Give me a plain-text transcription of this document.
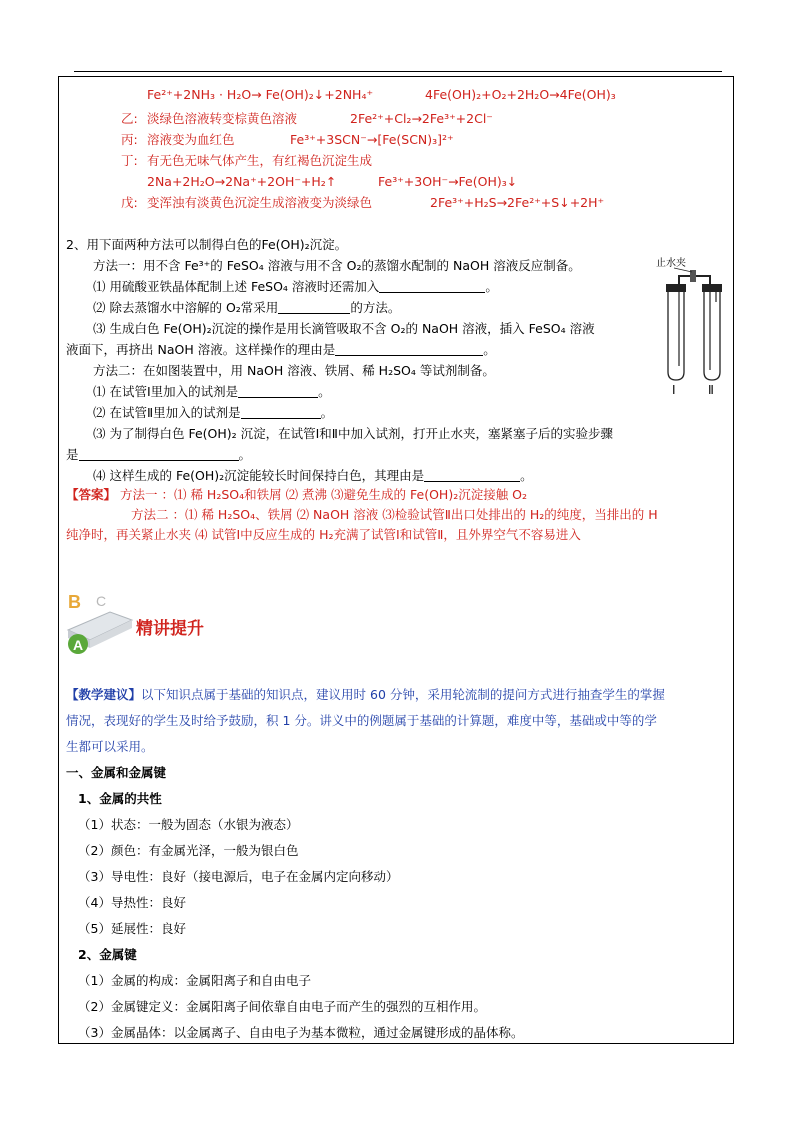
Fe²⁺+2NH₃ · H₂O→ Fe(OH)₂↓+2NH₄⁺	4Fe(OH)₂+O₂+2H₂O→4Fe(OH)₃
乙: 淡绿色溶液转变棕黄色溶液	2Fe²⁺+Cl₂→2Fe³⁺+2Cl⁻
丙: 溶液变为血红色	Fe³⁺+3SCN⁻→[Fe(SCN)₃]²⁺
丁: 有无色无味气体产生，有红褐色沉淀生成
2Na+2H₂O→2Na⁺+2OH⁻+H₂↑	Fe³⁺+3OH⁻→Fe(OH)₃↓
戊: 变浑浊有淡黄色沉淀生成溶液变为淡绿色	2Fe³⁺+H₂S→2Fe²⁺+S↓+2H⁺
2、用下面两种方法可以制得白色的Fe(OH)₂沉淀。
方法一：用不含 Fe³⁺的 FeSO₄ 溶液与用不含 O₂的蒸馏水配制的 NaOH 溶液反应制备。
⑴ 用硫酸亚铁晶体配制上述 FeSO₄ 溶液时还需加入	。
⑵ 除去蒸馏水中溶解的 O₂常采用	的方法。
⑶ 生成白色 Fe(OH)₂沉淀的操作是用长滴管吸取不含 O₂的 NaOH 溶液，插入 FeSO₄ 溶液
液面下，再挤出 NaOH 溶液。这样操作的理由是	。
方法二：在如图装置中，用 NaOH 溶液、铁屑、稀 H₂SO₄ 等试剂制备。
⑴ 在试管Ⅰ里加入的试剂是	。
⑵ 在试管Ⅱ里加入的试剂是	。
⑶ 为了制得白色 Fe(OH)₂ 沉淀，在试管Ⅰ和Ⅱ中加入试剂，打开止水夹，塞紧塞子后的实验步骤
是	。
⑷ 这样生成的 Fe(OH)₂沉淀能较长时间保持白色，其理由是	。
止水夹
Ⅰ	Ⅱ
【答案】 方法一 ：⑴ 稀 H₂SO₄和铁屑 ⑵ 煮沸 ⑶避免生成的 Fe(OH)₂沉淀接触 O₂
方法二 ：⑴ 稀 H₂SO₄、铁屑 ⑵ NaOH 溶液 ⑶检验试管Ⅱ出口处排出的 H₂的纯度，当排出的 H
纯净时，再关紧止水夹 ⑷ 试管Ⅰ中反应生成的 H₂充满了试管Ⅰ和试管Ⅱ，且外界空气不容易进入
B C
A
精讲提升
【教学建议】以下知识点属于基础的知识点，建议用时 60 分钟，采用轮流制的提问方式进行抽查学生的掌握
情况，表现好的学生及时给予鼓励，积 1 分。讲义中的例题属于基础的计算题，难度中等，基础或中等的学
生都可以采用。
一、金属和金属键
1、金属的共性
（1）状态：一般为固态（水银为液态）
（2）颜色：有金属光泽，一般为银白色
（3）导电性：良好（接电源后，电子在金属内定向移动）
（4）导热性：良好
（5）延展性：良好
2、金属键
（1）金属的构成：金属阳离子和自由电子
（2）金属键定义：金属阳离子间依靠自由电子而产生的强烈的互相作用。
（3）金属晶体：以金属离子、自由电子为基本微粒，通过金属键形成的晶体称。
